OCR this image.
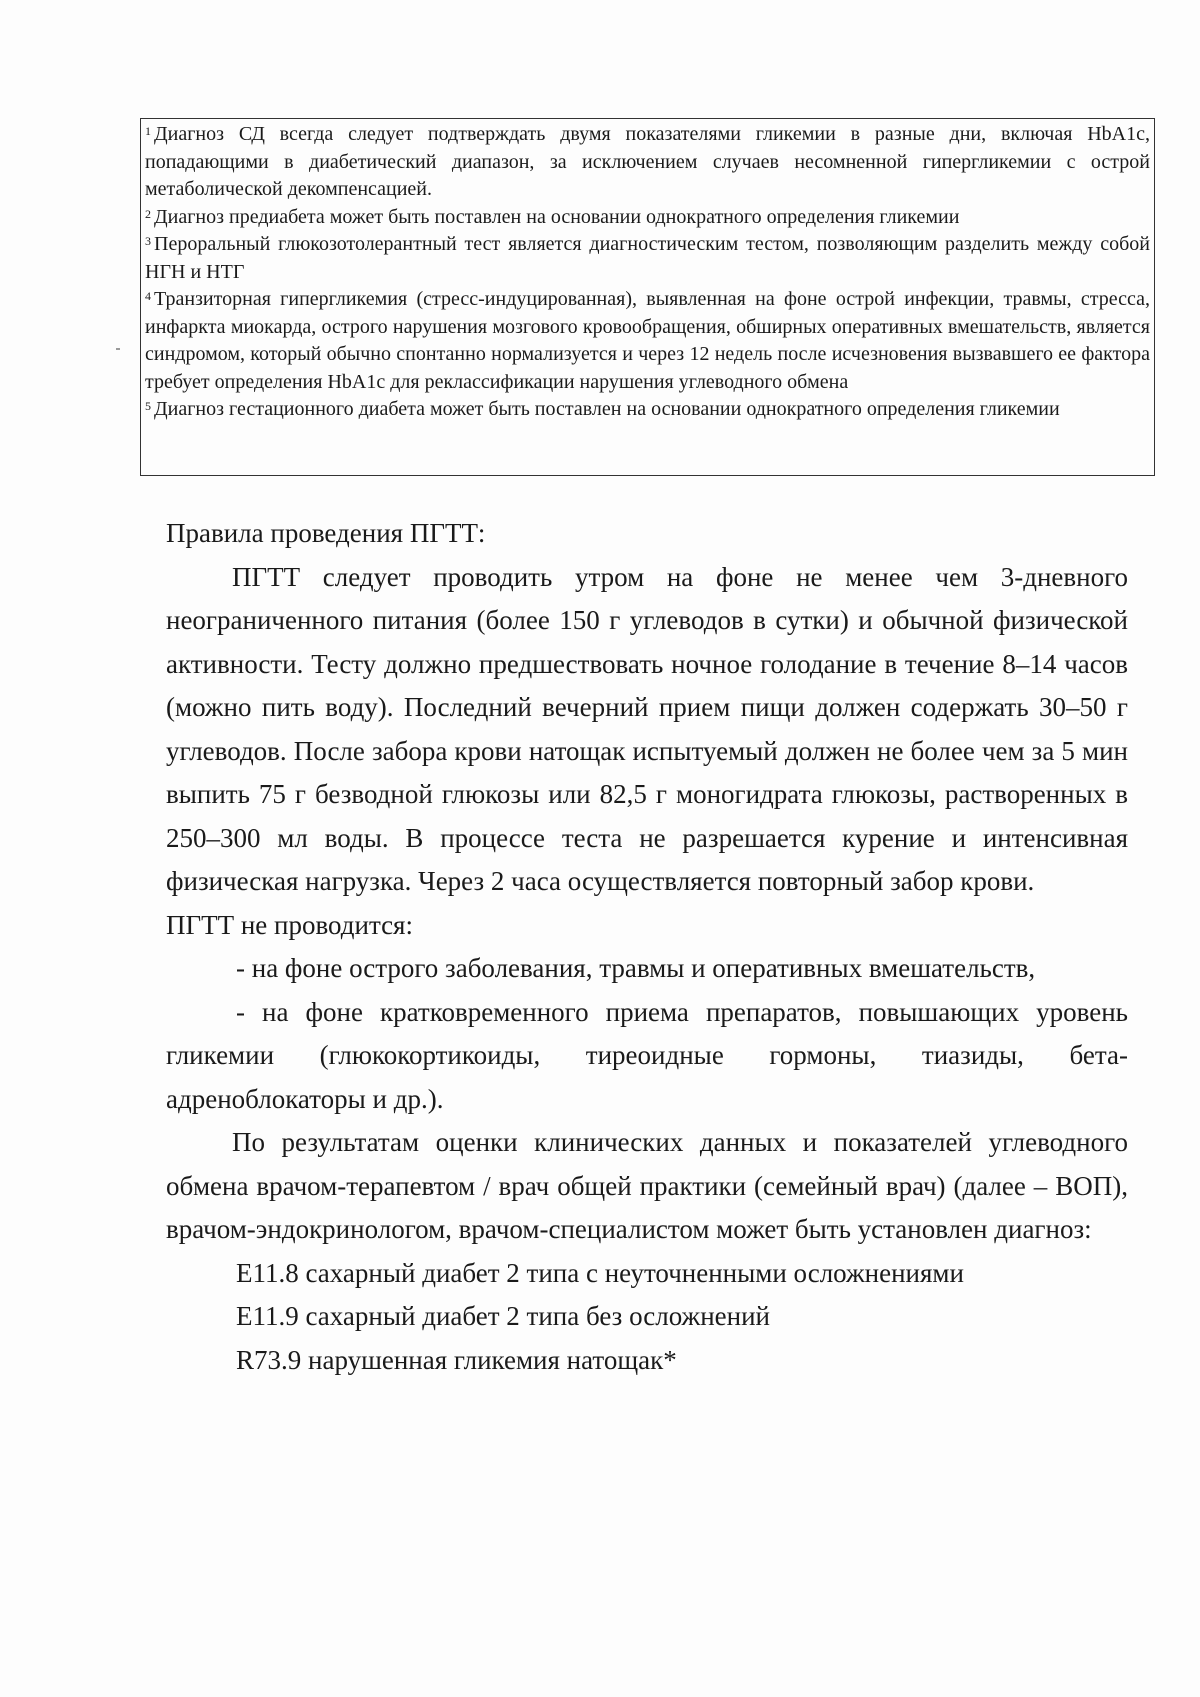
$^1$ Диагноз СД всегда следует подтверждать двумя показателями гликемии в разные дни, включая HbA1c, попадающими в диабетический диапазон, за исключением случаев несомненной гипергликемии с острой метаболической декомпенсацией.

$^2$ Диагноз предиабета может быть поставлен на основании однократного определения гликемии

$^3$ Пероральный глюкозотолерантный тест является диагностическим тестом, позволяющим разделить между собой НГН и НТГ

$^4$ Транзиторная гипергликемия (стресс-индуцированная), выявленная на фоне острой инфекции, травмы, стресса, инфаркта миокарда, острого нарушения мозгового кровообращения, обширных оперативных вмешательств, является синдромом, который обычно спонтанно нормализуется и через 12 недель после исчезновения вызвавшего ее фактора требует определения HbA1c для реклассификации нарушения углеводного обмена

$^5$ Диагноз гестационного диабета может быть поставлен на основании однократного определения гликемии

Правила проведения ПГТТ:

ПГТТ следует проводить утром на фоне не менее чем 3-дневного неограниченного питания (более 150 г углеводов в сутки) и обычной физической активности. Тесту должно предшествовать ночное голодание в течение 8–14 часов (можно пить воду). Последний вечерний прием пищи должен содержать 30–50 г углеводов. После забора крови натощак испытуемый должен не более чем за 5 мин выпить 75 г безводной глюкозы или 82,5 г моногидрата глюкозы, растворенных в 250–300 мл воды. В процессе теста не разрешается курение и интенсивная физическая нагрузка. Через 2 часа осуществляется повторный забор крови.

ПГТТ не проводится:

- на фоне острого заболевания, травмы и оперативных вмешательств,

- на фоне кратковременного приема препаратов, повышающих уровень гликемии (глюкокортикоиды, тиреоидные гормоны, тиазиды, бета-адреноблокаторы и др.).

По результатам оценки клинических данных и показателей углеводного обмена врачом-терапевтом / врач общей практики (семейный врач) (далее – ВОП), врачом-эндокринологом, врачом-специалистом может быть установлен диагноз:

E11.8 сахарный диабет 2 типа с неуточненными осложнениями

E11.9 сахарный диабет 2 типа без осложнений

R73.9 нарушенная гликемия натощак*
